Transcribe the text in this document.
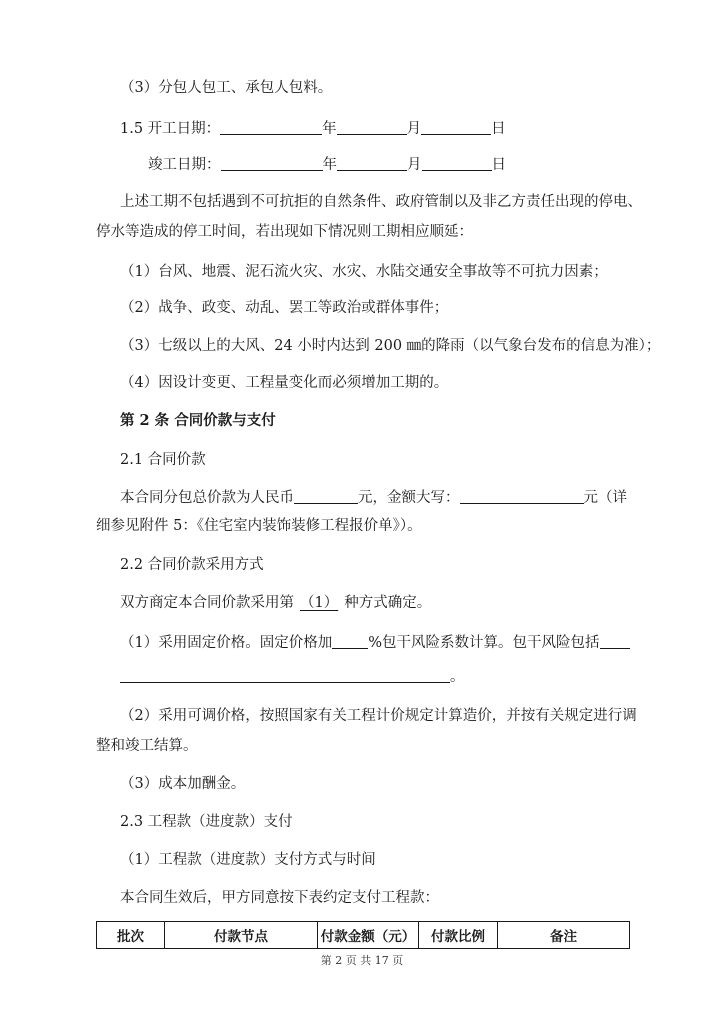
（3）分包人包工、承包人包料。
1.5 开工日期：	年	月	日
竣工日期：	年	月	日
上述工期不包括遇到不可抗拒的自然条件、政府管制以及非乙方责任出现的停电、
停水等造成的停工时间，若出现如下情况则工期相应顺延：
（1）台风、地震、泥石流火灾、水灾、水陆交通安全事故等不可抗力因素；
（2）战争、政变、动乱、罢工等政治或群体事件；
（3）七级以上的大风、24 小时内达到 200 ㎜的降雨（以气象台发布的信息为准）；
（4）因设计变更、工程量变化而必须增加工期的。
第 2 条 合同价款与支付
2.1 合同价款
本合同分包总价款为人民币	元，金额大写：	元（详
细参见附件 5：《住宅室内装饰装修工程报价单》）。
2.2 合同价款采用方式
双方商定本合同价款采用第 （1） 种方式确定。
（1）采用固定价格。固定价格加 %包干风险系数计算。包干风险包括
。
（2）采用可调价格，按照国家有关工程计价规定计算造价，并按有关规定进行调
整和竣工结算。
（3）成本加酬金。
2.3 工程款（进度款）支付
（1）工程款（进度款）支付方式与时间
本合同生效后，甲方同意按下表约定支付工程款：
批次	付款节点	付款金额（元）	付款比例	备注
第 2 页 共 17 页
